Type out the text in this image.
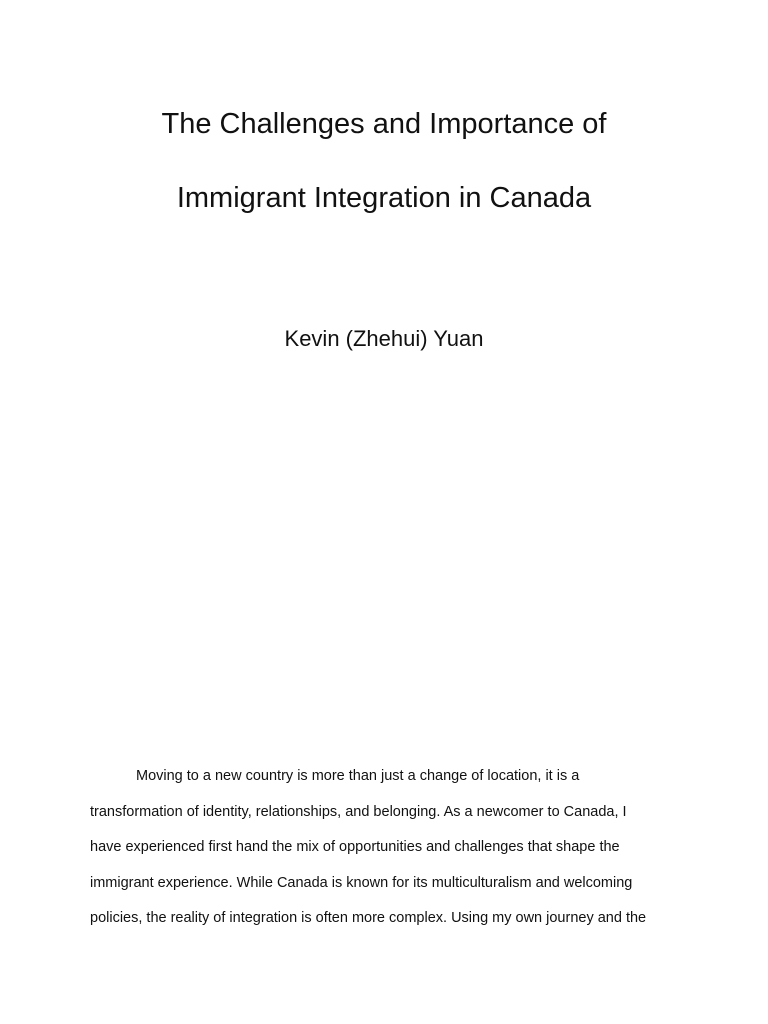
The Challenges and Importance of
Immigrant Integration in Canada
Kevin (Zhehui) Yuan

Moving to a new country is more than just a change of location, it is a

transformation of identity, relationships, and belonging. As a newcomer to Canada, I

have experienced first hand the mix of opportunities and challenges that shape the

immigrant experience. While Canada is known for its multiculturalism and welcoming

policies, the reality of integration is often more complex. Using my own journey and the
